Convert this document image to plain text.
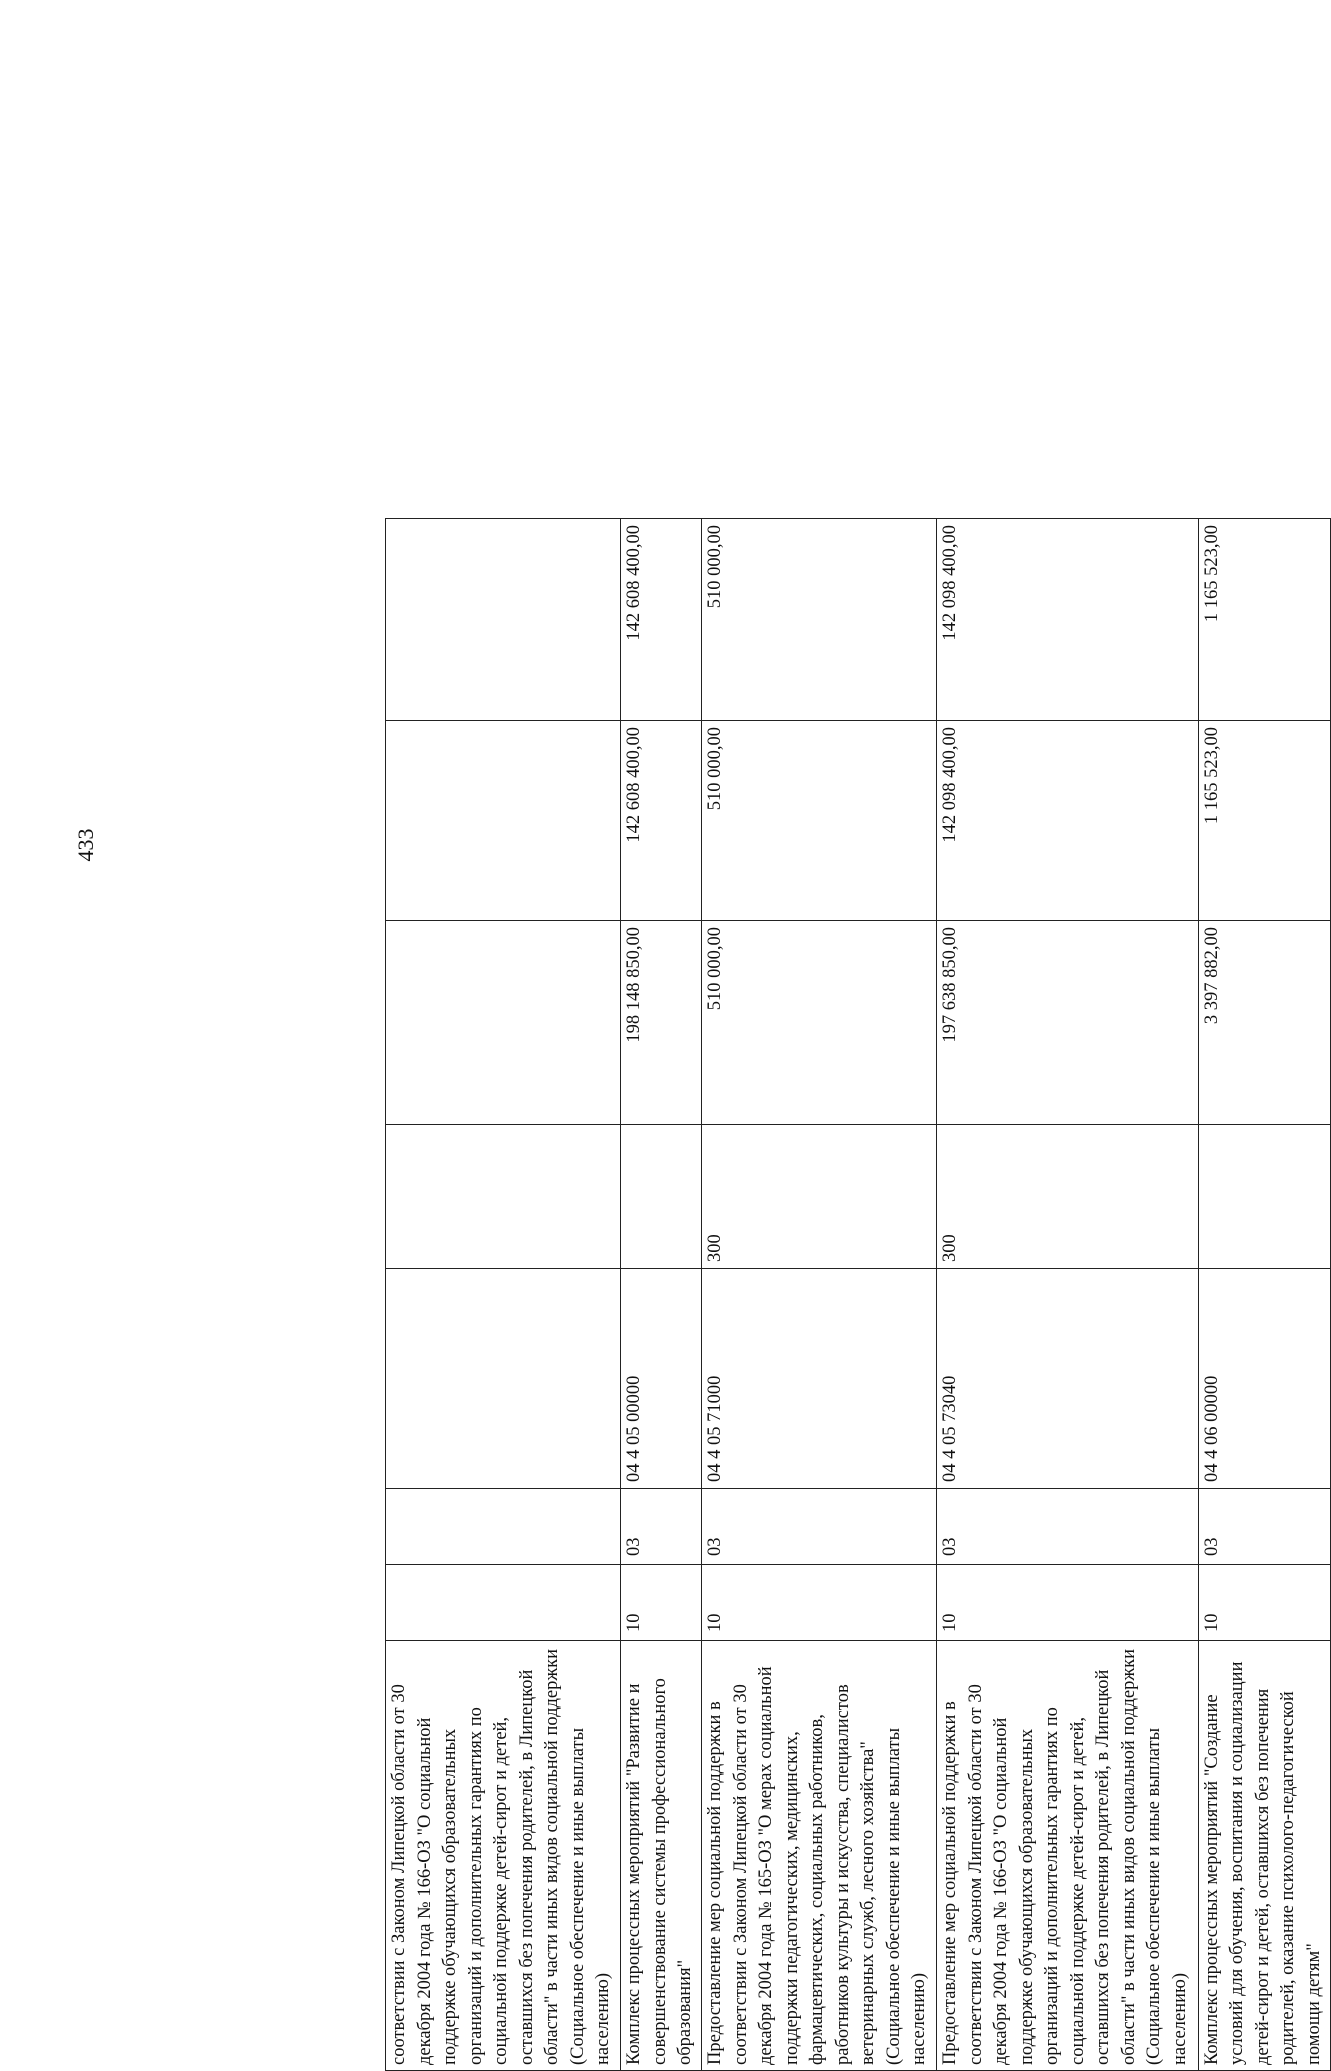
433
соответствии с Законом Липецкой области от 30 декабря 2004 года № 166-ОЗ "О социальной поддержке обучающихся образовательных организаций и дополнительных гарантиях по социальной поддержке детей-сирот и детей, оставшихся без попечения родителей, в Липецкой области" в части иных видов социальной поддержки (Социальное обеспечение и иные выплаты населению)							
Комплекс процессных мероприятий "Развитие и совершенствование системы профессионального образования"	10	03	04 4 05 00000		198 148 850,00	142 608 400,00	142 608 400,00
Предоставление мер социальной поддержки в соответствии с Законом Липецкой области от 30 декабря 2004 года № 165-ОЗ "О мерах социальной поддержки педагогических, медицинских, фармацевтических, социальных работников, работников культуры и искусства, специалистов ветеринарных служб, лесного хозяйства" (Социальное обеспечение и иные выплаты населению)	10	03	04 4 05 71000	300	510 000,00	510 000,00	510 000,00
Предоставление мер социальной поддержки в соответствии с Законом Липецкой области от 30 декабря 2004 года № 166-ОЗ "О социальной поддержке обучающихся образовательных организаций и дополнительных гарантиях по социальной поддержке детей-сирот и детей, оставшихся без попечения родителей, в Липецкой области" в части иных видов социальной поддержки (Социальное обеспечение и иные выплаты населению)	10	03	04 4 05 73040	300	197 638 850,00	142 098 400,00	142 098 400,00
Комплекс процессных мероприятий "Создание условий для обучения, воспитания и социализации детей-сирот и детей, оставшихся без попечения родителей, оказание психолого-педагогической помощи детям"	10	03	04 4 06 00000		3 397 882,00	1 165 523,00	1 165 523,00
